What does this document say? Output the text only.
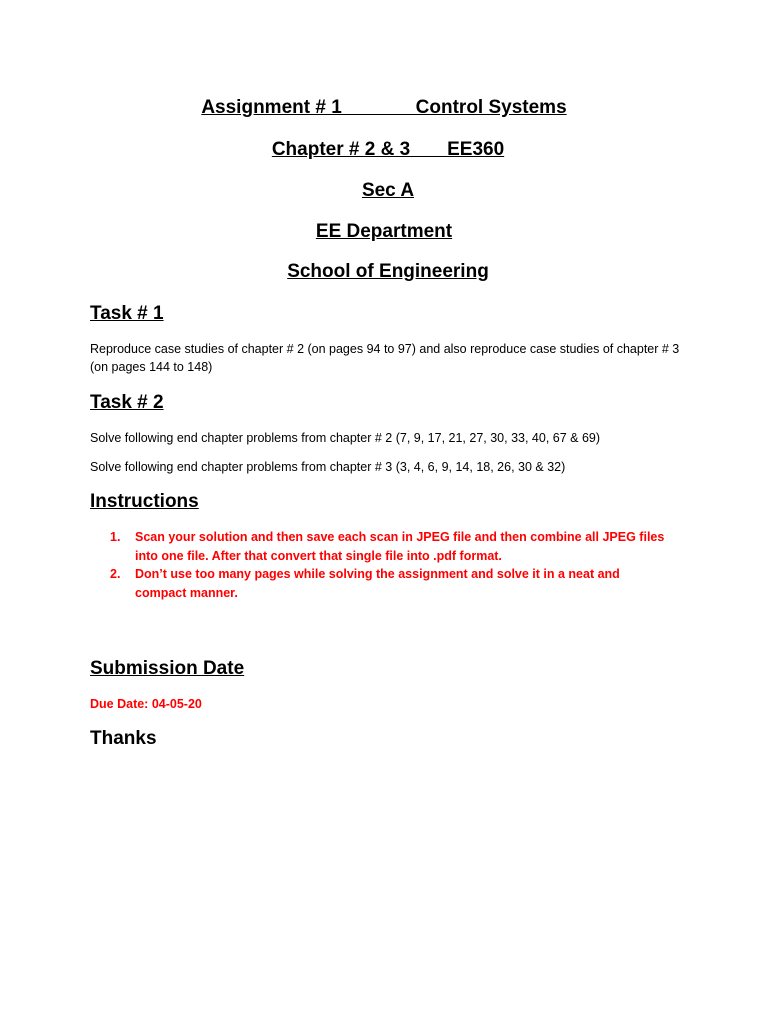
Assignment # 1              Control Systems
Chapter # 2 & 3       EE360
Sec A
EE Department
School of Engineering
Task # 1
Reproduce case studies of chapter # 2 (on pages 94 to 97) and also reproduce case studies of chapter # 3 (on pages 144 to 148)
Task # 2
Solve following end chapter problems from chapter # 2 (7, 9, 17, 21, 27, 30, 33, 40, 67 & 69)
Solve following end chapter problems from chapter # 3 (3, 4, 6, 9, 14, 18, 26, 30 & 32)
Instructions
1. Scan your solution and then save each scan in JPEG file and then combine all JPEG files into one file. After that convert that single file into .pdf format.
2. Don’t use too many pages while solving the assignment and solve it in a neat and compact manner.
Submission Date
Due Date: 04-05-20
Thanks
